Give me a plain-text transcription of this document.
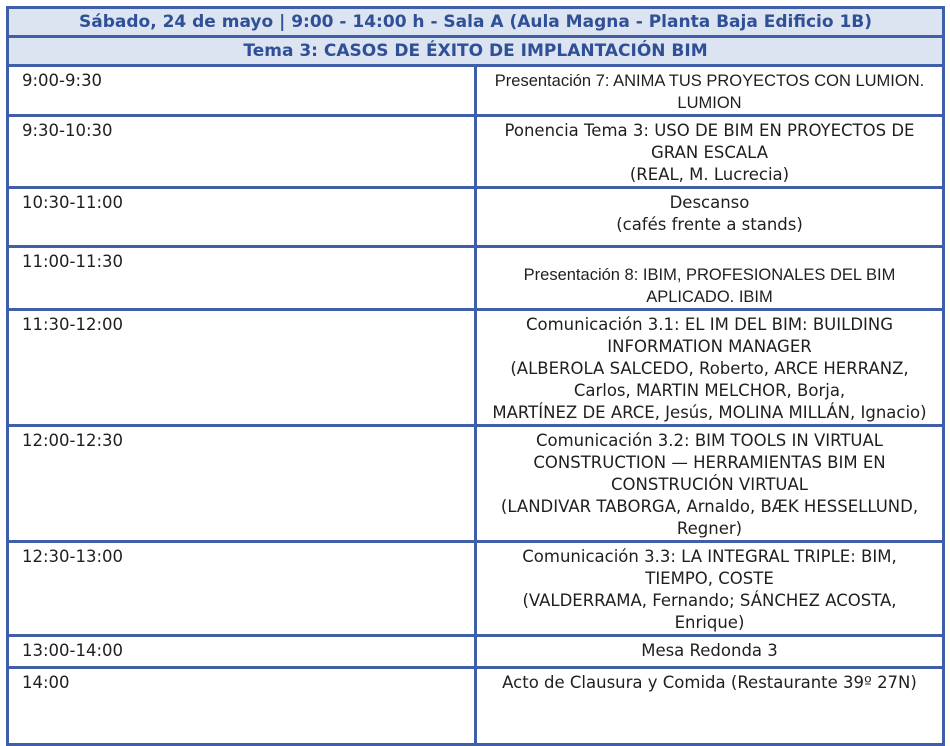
Sábado, 24 de mayo | 9:00 - 14:00 h - Sala A (Aula Magna - Planta Baja Edificio 1B)	
Tema 3: CASOS DE ÉXITO DE IMPLANTACIÓN BIM	
9:00-9:30	Presentación 7: ANIMA TUS PROYECTOS CON LUMION. LUMION

9:30-10:30	Ponencia Tema 3: USO DE BIM EN PROYECTOS DE GRAN ESCALA
(REAL, M. Lucrecia)

10:30-11:00	Descanso
(cafés frente a stands)

11:00-11:30	Presentación 8: IBIM, PROFESIONALES DEL BIM APLICADO. IBIM

11:30-12:00	Comunicación 3.1: EL IM DEL BIM: BUILDING INFORMATION MANAGER
(ALBEROLA SALCEDO, Roberto, ARCE HERRANZ, Carlos, MARTIN MELCHOR, Borja,
MARTÍNEZ DE ARCE, Jesús, MOLINA MILLÁN, Ignacio)

12:00-12:30	Comunicación 3.2: BIM TOOLS IN VIRTUAL CONSTRUCTION — HERRAMIENTAS BIM EN
CONSTRUCIÓN VIRTUAL
(LANDIVAR TABORGA, Arnaldo, BÆK HESSELLUND, Regner)

12:30-13:00	Comunicación 3.3: LA INTEGRAL TRIPLE: BIM, TIEMPO, COSTE
(VALDERRAMA, Fernando; SÁNCHEZ ACOSTA, Enrique)

13:00-14:00	Mesa Redonda 3

14:00	Acto de Clausura y Comida (Restaurante 39º 27N)
